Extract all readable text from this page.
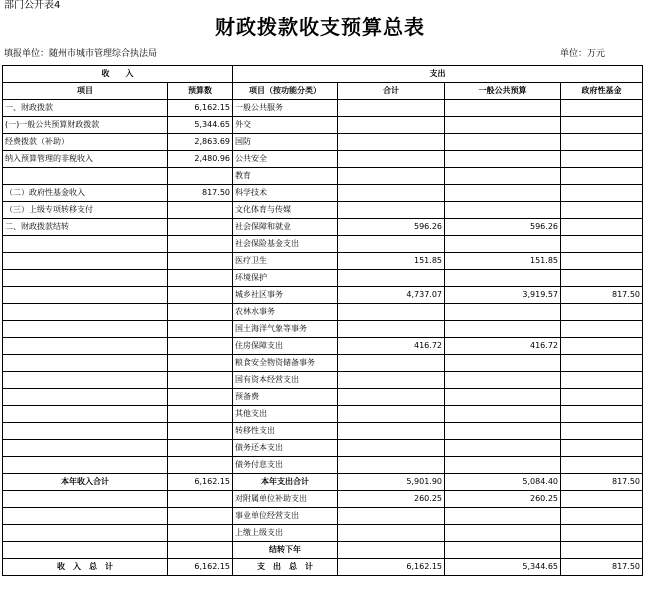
部门公开表4
财政拨款收支预算总表
填报单位：随州市城市管理综合执法局	单位：万元
收　　入		支出			
项目	预算数	项目（按功能分类）	合计	一般公共预算	政府性基金
一、财政拨款	6,162.15	一般公共服务			
(一)一般公共预算财政拨款	5,344.65	外交			
经费拨款（补助）	2,863.69	国防			
纳入预算管理的非税收入	2,480.96	公共安全			
		教育			
（二）政府性基金收入	817.50	科学技术			
（三）上级专项转移支付		文化体育与传媒			
二、财政拨款结转		社会保障和就业	596.26	596.26	
		社会保险基金支出			
		医疗卫生	151.85	151.85	
		环境保护			
		城乡社区事务	4,737.07	3,919.57	817.50
		农林水事务			
		国土海洋气象等事务			
		住房保障支出	416.72	416.72	
		粮食安全物资储备事务			
		国有资本经营支出			
		预备费			
		其他支出			
		转移性支出			
		债务还本支出			
		债务付息支出			
本年收入合计	6,162.15	本年支出合计	5,901.90	5,084.40	817.50
		对附属单位补助支出	260.25	260.25	
		事业单位经营支出			
		上缴上级支出			
		结转下年			
收　入　总　计	6,162.15	支　出　总　计	6,162.15	5,344.65	817.50
